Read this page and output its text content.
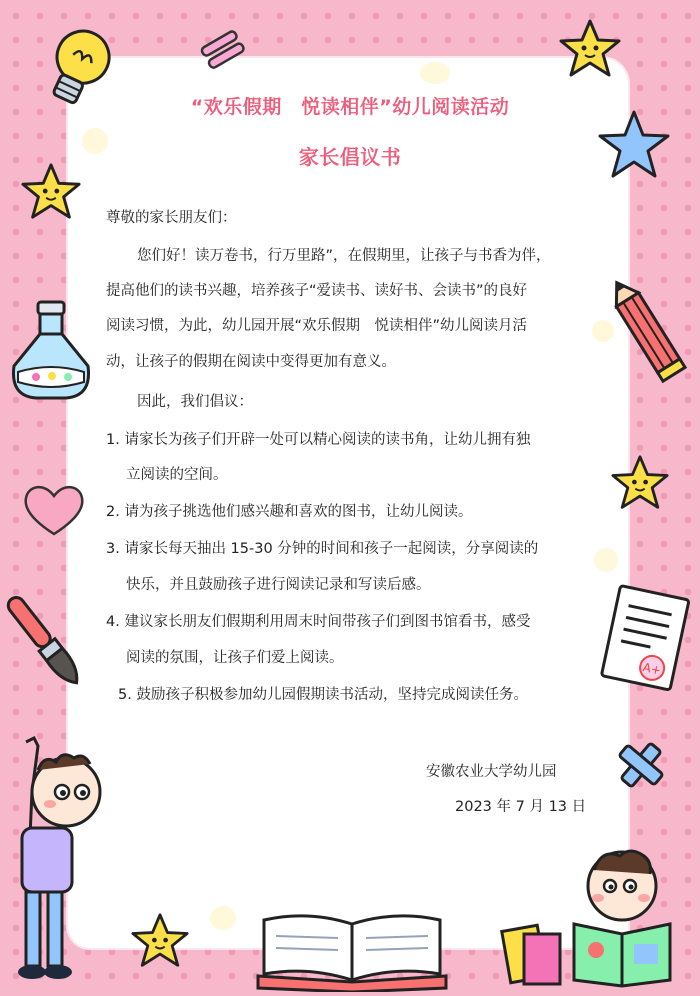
“欢乐假期　悦读相伴”幼儿阅读活动
家长倡议书
尊敬的家长朋友们：
您们好！读万卷书，行万里路”，在假期里，让孩子与书香为伴，
提高他们的读书兴趣，培养孩子“爱读书、读好书、会读书”的良好
阅读习惯，为此，幼儿园开展“欢乐假期　悦读相伴”幼儿阅读月活
动，让孩子的假期在阅读中变得更加有意义。
因此，我们倡议：
1. 请家长为孩子们开辟一处可以精心阅读的读书角，让幼儿拥有独
立阅读的空间。
2. 请为孩子挑选他们感兴趣和喜欢的图书，让幼儿阅读。
3. 请家长每天抽出 15-30 分钟的时间和孩子一起阅读，分享阅读的
快乐，并且鼓励孩子进行阅读记录和写读后感。
4. 建议家长朋友们假期利用周末时间带孩子们到图书馆看书，感受
阅读的氛围，让孩子们爱上阅读。
5. 鼓励孩子积极参加幼儿园假期读书活动，坚持完成阅读任务。
安徽农业大学幼儿园
2023 年 7 月 13 日
A+
